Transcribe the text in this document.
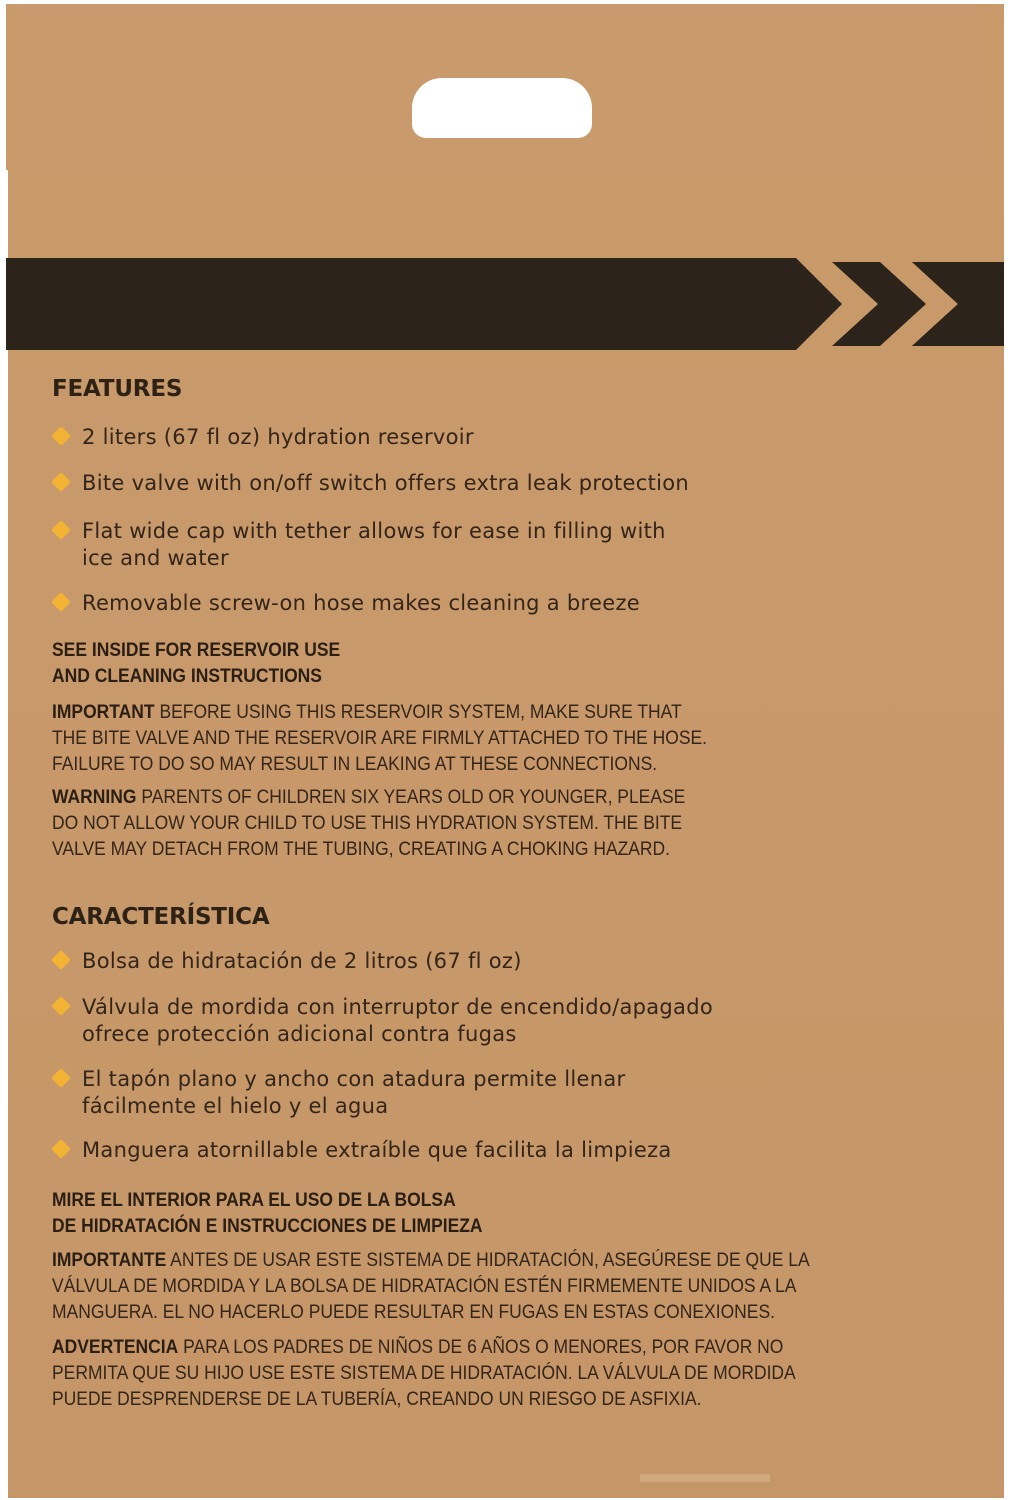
FEATURES
2 liters (67 fl oz) hydration reservoir
Bite valve with on/off switch offers extra leak protection
Flat wide cap with tether allows for ease in filling with
ice and water
Removable screw-on hose makes cleaning a breeze
SEE INSIDE FOR RESERVOIR USE
AND CLEANING INSTRUCTIONS
IMPORTANT BEFORE USING THIS RESERVOIR SYSTEM, MAKE SURE THAT
THE BITE VALVE AND THE RESERVOIR ARE FIRMLY ATTACHED TO THE HOSE.
FAILURE TO DO SO MAY RESULT IN LEAKING AT THESE CONNECTIONS.
WARNING PARENTS OF CHILDREN SIX YEARS OLD OR YOUNGER, PLEASE
DO NOT ALLOW YOUR CHILD TO USE THIS HYDRATION SYSTEM. THE BITE
VALVE MAY DETACH FROM THE TUBING, CREATING A CHOKING HAZARD.
CARACTERÍSTICA
Bolsa de hidratación de 2 litros (67 fl oz)
Válvula de mordida con interruptor de encendido/apagado
ofrece protección adicional contra fugas
El tapón plano y ancho con atadura permite llenar
fácilmente el hielo y el agua
Manguera atornillable extraíble que facilita la limpieza
MIRE EL INTERIOR PARA EL USO DE LA BOLSA
DE HIDRATACIÓN E INSTRUCCIONES DE LIMPIEZA
IMPORTANTE ANTES DE USAR ESTE SISTEMA DE HIDRATACIÓN, ASEGÚRESE DE QUE LA
VÁLVULA DE MORDIDA Y LA BOLSA DE HIDRATACIÓN ESTÉN FIRMEMENTE UNIDOS A LA
MANGUERA. EL NO HACERLO PUEDE RESULTAR EN FUGAS EN ESTAS CONEXIONES.
ADVERTENCIA PARA LOS PADRES DE NIÑOS DE 6 AÑOS O MENORES, POR FAVOR NO
PERMITA QUE SU HIJO USE ESTE SISTEMA DE HIDRATACIÓN. LA VÁLVULA DE MORDIDA
PUEDE DESPRENDERSE DE LA TUBERÍA, CREANDO UN RIESGO DE ASFIXIA.
